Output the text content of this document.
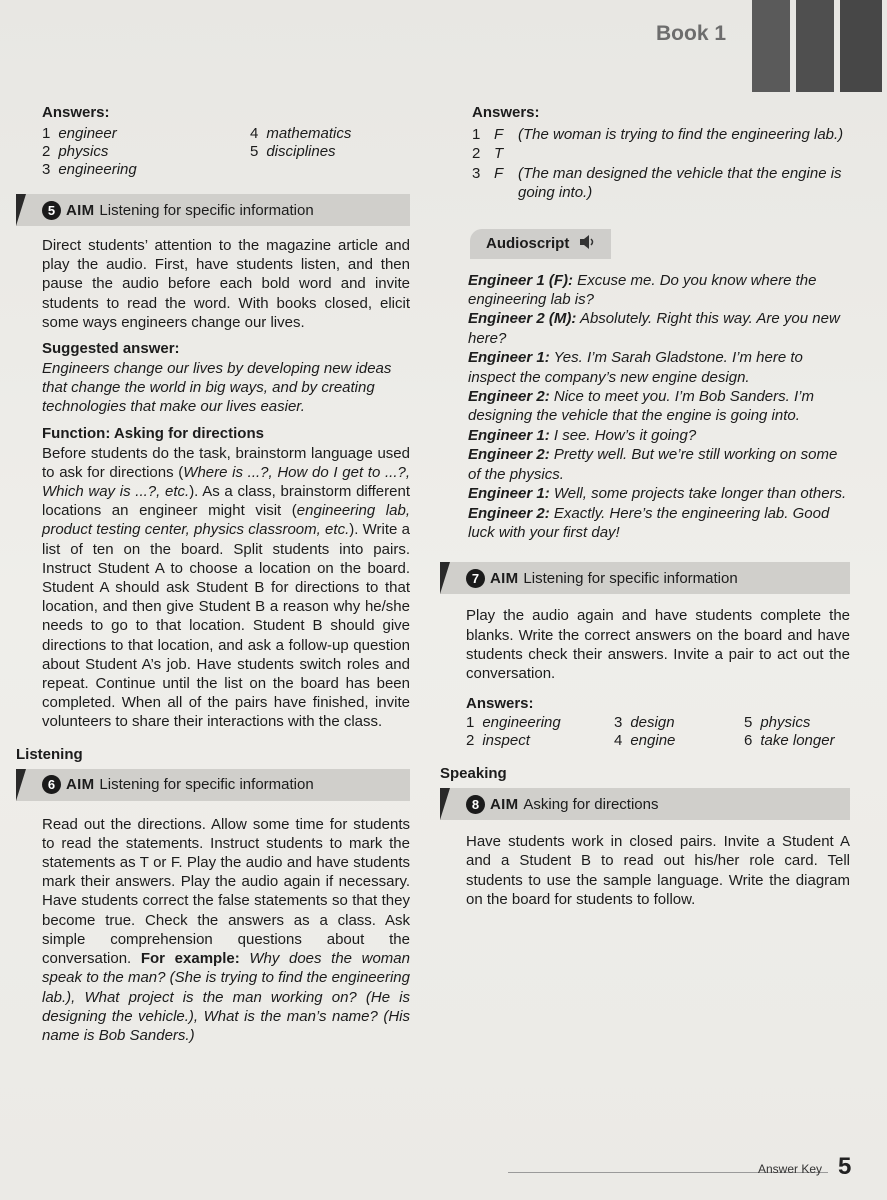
Book 1
Answers:
1 engineer	4 mathematics
2 physics	5 disciplines
3 engineering
5 AIM Listening for specific information

Direct students’ attention to the magazine article and play the audio. First, have students listen, and then pause the audio before each bold word and invite students to read the word. With books closed, elicit some ways engineers change our lives.

Suggested answer:

Engineers change our lives by developing new ideas that change the world in big ways, and by creating technologies that make our lives easier.

Function: Asking for directions

Before students do the task, brainstorm language used to ask for directions (Where is ...?, How do I get to ...?, Which way is ...?, etc.). As a class, brainstorm different locations an engineer might visit (engineering lab, product testing center, physics classroom, etc.). Write a list of ten on the board. Split students into pairs. Instruct Student A to choose a location on the board. Student A should ask Student B for directions to that location, and then give Student B a reason why he/she needs to go to that location. Student B should give directions to that location, and ask a follow-up question about Student A’s job. Have students switch roles and repeat. Continue until the list on the board has been completed. When all of the pairs have finished, invite volunteers to share their interactions with the class.

Listening
6 AIM Listening for specific information

Read out the directions. Allow some time for students to read the statements. Instruct students to mark the statements as T or F. Play the audio and have students mark their answers. Play the audio again if necessary. Have students correct the false statements so that they become true. Check the answers as a class. Ask simple comprehension questions about the conversation. For example: Why does the woman speak to the man? (She is trying to find the engineering lab.), What project is the man working on? (He is designing the vehicle.), What is the man’s name? (His name is Bob Sanders.)

Answers:
1 F (The woman is trying to find the engineering lab.)
2 T
3 F (The man designed the vehicle that the engine is going into.)
Audioscript
Engineer 1 (F): Excuse me. Do you know where the engineering lab is?
Engineer 2 (M): Absolutely. Right this way. Are you new here?
Engineer 1: Yes. I’m Sarah Gladstone. I’m here to inspect the company’s new engine design.
Engineer 2: Nice to meet you. I’m Bob Sanders. I’m designing the vehicle that the engine is going into.
Engineer 1: I see. How’s it going?
Engineer 2: Pretty well. But we’re still working on some of the physics.
Engineer 1: Well, some projects take longer than others.
Engineer 2: Exactly. Here’s the engineering lab. Good luck with your first day!
7 AIM Listening for specific information

Play the audio again and have students complete the blanks. Write the correct answers on the board and have students check their answers. Invite a pair to act out the conversation.

Answers:
1 engineering	3 design	5 physics
2 inspect	4 engine	6 take longer
Speaking
8 AIM Asking for directions

Have students work in closed pairs. Invite a Student A and a Student B to read out his/her role card. Tell students to use the sample language. Write the diagram on the board for students to follow.

Answer Key 5
